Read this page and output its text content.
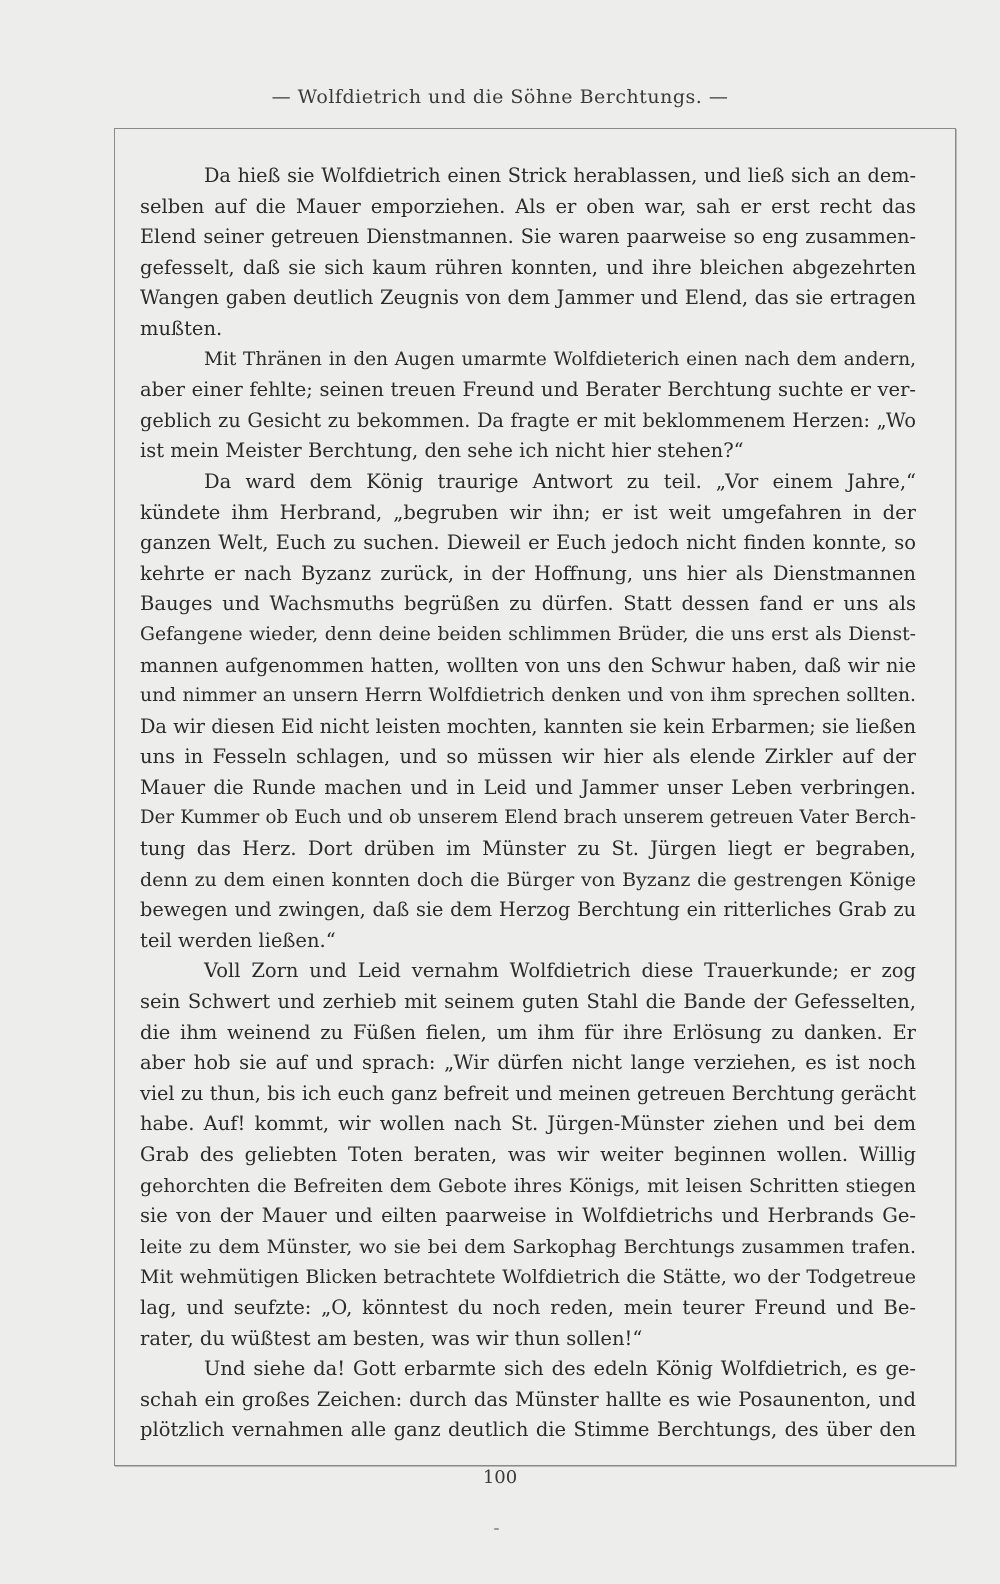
— Wolfdietrich und die Söhne Berchtungs. —
Da hieß sie Wolfdietrich einen Strick herablassen, und ließ sich an dem-
selben auf die Mauer emporziehen. Als er oben war, sah er erst recht das
Elend seiner getreuen Dienstmannen. Sie waren paarweise so eng zusammen-
gefesselt, daß sie sich kaum rühren konnten, und ihre bleichen abgezehrten
Wangen gaben deutlich Zeugnis von dem Jammer und Elend, das sie ertragen
mußten.
Mit Thränen in den Augen umarmte Wolfdieterich einen nach dem andern,
aber einer fehlte; seinen treuen Freund und Berater Berchtung suchte er ver-
geblich zu Gesicht zu bekommen. Da fragte er mit beklommenem Herzen: „Wo
ist mein Meister Berchtung, den sehe ich nicht hier stehen?“
Da ward dem König traurige Antwort zu teil. „Vor einem Jahre,“
kündete ihm Herbrand, „begruben wir ihn; er ist weit umgefahren in der
ganzen Welt, Euch zu suchen. Dieweil er Euch jedoch nicht finden konnte, so
kehrte er nach Byzanz zurück, in der Hoffnung, uns hier als Dienstmannen
Bauges und Wachsmuths begrüßen zu dürfen. Statt dessen fand er uns als
Gefangene wieder, denn deine beiden schlimmen Brüder, die uns erst als Dienst-
mannen aufgenommen hatten, wollten von uns den Schwur haben, daß wir nie
und nimmer an unsern Herrn Wolfdietrich denken und von ihm sprechen sollten.
Da wir diesen Eid nicht leisten mochten, kannten sie kein Erbarmen; sie ließen
uns in Fesseln schlagen, und so müssen wir hier als elende Zirkler auf der
Mauer die Runde machen und in Leid und Jammer unser Leben verbringen.
Der Kummer ob Euch und ob unserem Elend brach unserem getreuen Vater Berch-
tung das Herz. Dort drüben im Münster zu St. Jürgen liegt er begraben,
denn zu dem einen konnten doch die Bürger von Byzanz die gestrengen Könige
bewegen und zwingen, daß sie dem Herzog Berchtung ein ritterliches Grab zu
teil werden ließen.“
Voll Zorn und Leid vernahm Wolfdietrich diese Trauerkunde; er zog
sein Schwert und zerhieb mit seinem guten Stahl die Bande der Gefesselten,
die ihm weinend zu Füßen fielen, um ihm für ihre Erlösung zu danken. Er
aber hob sie auf und sprach: „Wir dürfen nicht lange verziehen, es ist noch
viel zu thun, bis ich euch ganz befreit und meinen getreuen Berchtung gerächt
habe. Auf! kommt, wir wollen nach St. Jürgen-Münster ziehen und bei dem
Grab des geliebten Toten beraten, was wir weiter beginnen wollen. Willig
gehorchten die Befreiten dem Gebote ihres Königs, mit leisen Schritten stiegen
sie von der Mauer und eilten paarweise in Wolfdietrichs und Herbrands Ge-
leite zu dem Münster, wo sie bei dem Sarkophag Berchtungs zusammen trafen.
Mit wehmütigen Blicken betrachtete Wolfdietrich die Stätte, wo der Todgetreue
lag, und seufzte: „O, könntest du noch reden, mein teurer Freund und Be-
rater, du wüßtest am besten, was wir thun sollen!“
Und siehe da! Gott erbarmte sich des edeln König Wolfdietrich, es ge-
schah ein großes Zeichen: durch das Münster hallte es wie Posaunenton, und
plötzlich vernahmen alle ganz deutlich die Stimme Berchtungs, des über den
100
